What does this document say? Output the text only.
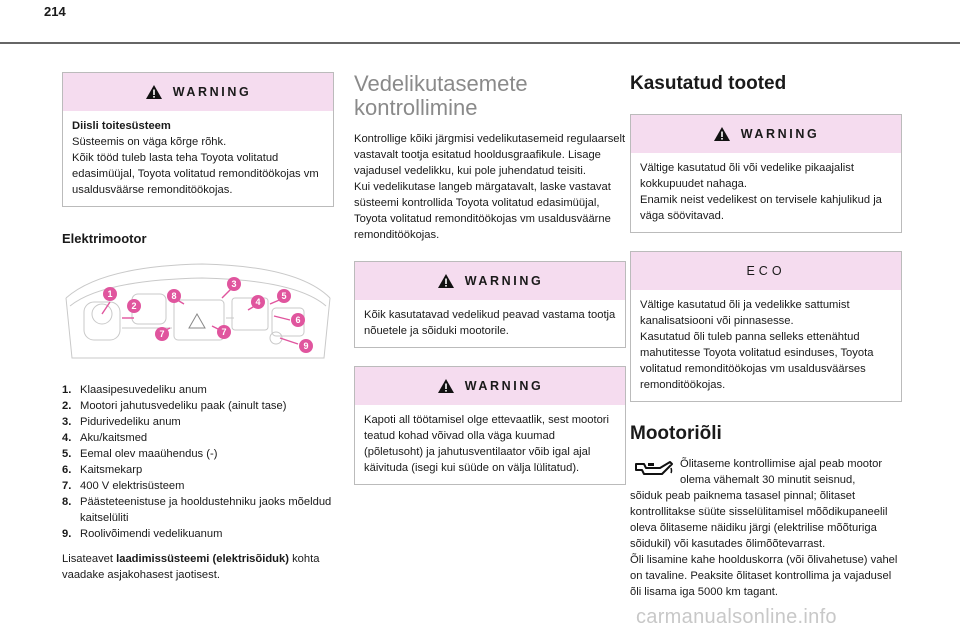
214
WARNING

Diisli toitesüsteem

Süsteemis on väga kõrge rõhk.
Kõik tööd tuleb lasta teha Toyota volitatud edasimüüjal, Toyota volitatud remonditöökojas vm usaldusväärse remonditöökojas.

Elektrimootor
1
2
3
4
5
6
7	7
8
9
1. Klaasipesuvedeliku anum
2. Mootori jahutusvedeliku paak (ainult tase)
3. Pidurivedeliku anum
4. Aku/kaitsmed
5. Eemal olev maaühendus (-)
6. Kaitsmekarp
7. 400 V elektrisüsteem
8. Päästeteenistuse ja hooldustehniku jaoks mõeldud kaitselüliti
9. Roolivõimendi vedelikuanum

Lisateavet laadimissüsteemi (elektrisõiduk) kohta vaadake asjakohasest jaotisest.

Vedelikutasemete kontrollimine

Kontrollige kõiki järgmisi vedelikutasemeid regulaarselt vastavalt tootja esitatud hooldusgraafikule. Lisage vajadusel vedelikku, kui pole juhendatud teisiti.
Kui vedelikutase langeb märgatavalt, laske vastavat süsteemi kontrollida Toyota volitatud edasimüüjal, Toyota volitatud remonditöökojas vm usaldusväärne remonditöökojas.

WARNING

Kõik kasutatavad vedelikud peavad vastama tootja nõuetele ja sõiduki mootorile.

WARNING

Kapoti all töötamisel olge ettevaatlik, sest mootori teatud kohad võivad olla väga kuumad (põletusoht) ja jahutusventilaator võib igal ajal käivituda (isegi kui süüde on välja lülitatud).

Kasutatud tooted
WARNING

Vältige kasutatud õli või vedelike pikaajalist kokkupuudet nahaga.
Enamik neist vedelikest on tervisele kahjulikud ja väga söövitavad.

ECO

Vältige kasutatud õli ja vedelikke sattumist kanalisatsiooni või pinnasesse.
Kasutatud õli tuleb panna selleks ettenähtud mahutitesse Toyota volitatud esinduses, Toyota volitatud remonditöökojas vm usaldusväärses remonditöökojas.

Mootoriõli

Õlitaseme kontrollimise ajal peab mootor olema vähemalt 30 minutit seisnud,

sõiduk peab paiknema tasasel pinnal; õlitaset kontrollitakse süüte sisselülitamisel mõõdikupaneelil oleva õlitaseme näidiku järgi (elektrilise mõõturiga sõidukil) või kasutades õlimõõtevarrast.
Õli lisamine kahe hoolduskorra (või õlivahetuse) vahel on tavaline. Peaksite õlitaset kontrollima ja vajadusel õli lisama iga 5000 km tagant.

carmanualsonline.info
